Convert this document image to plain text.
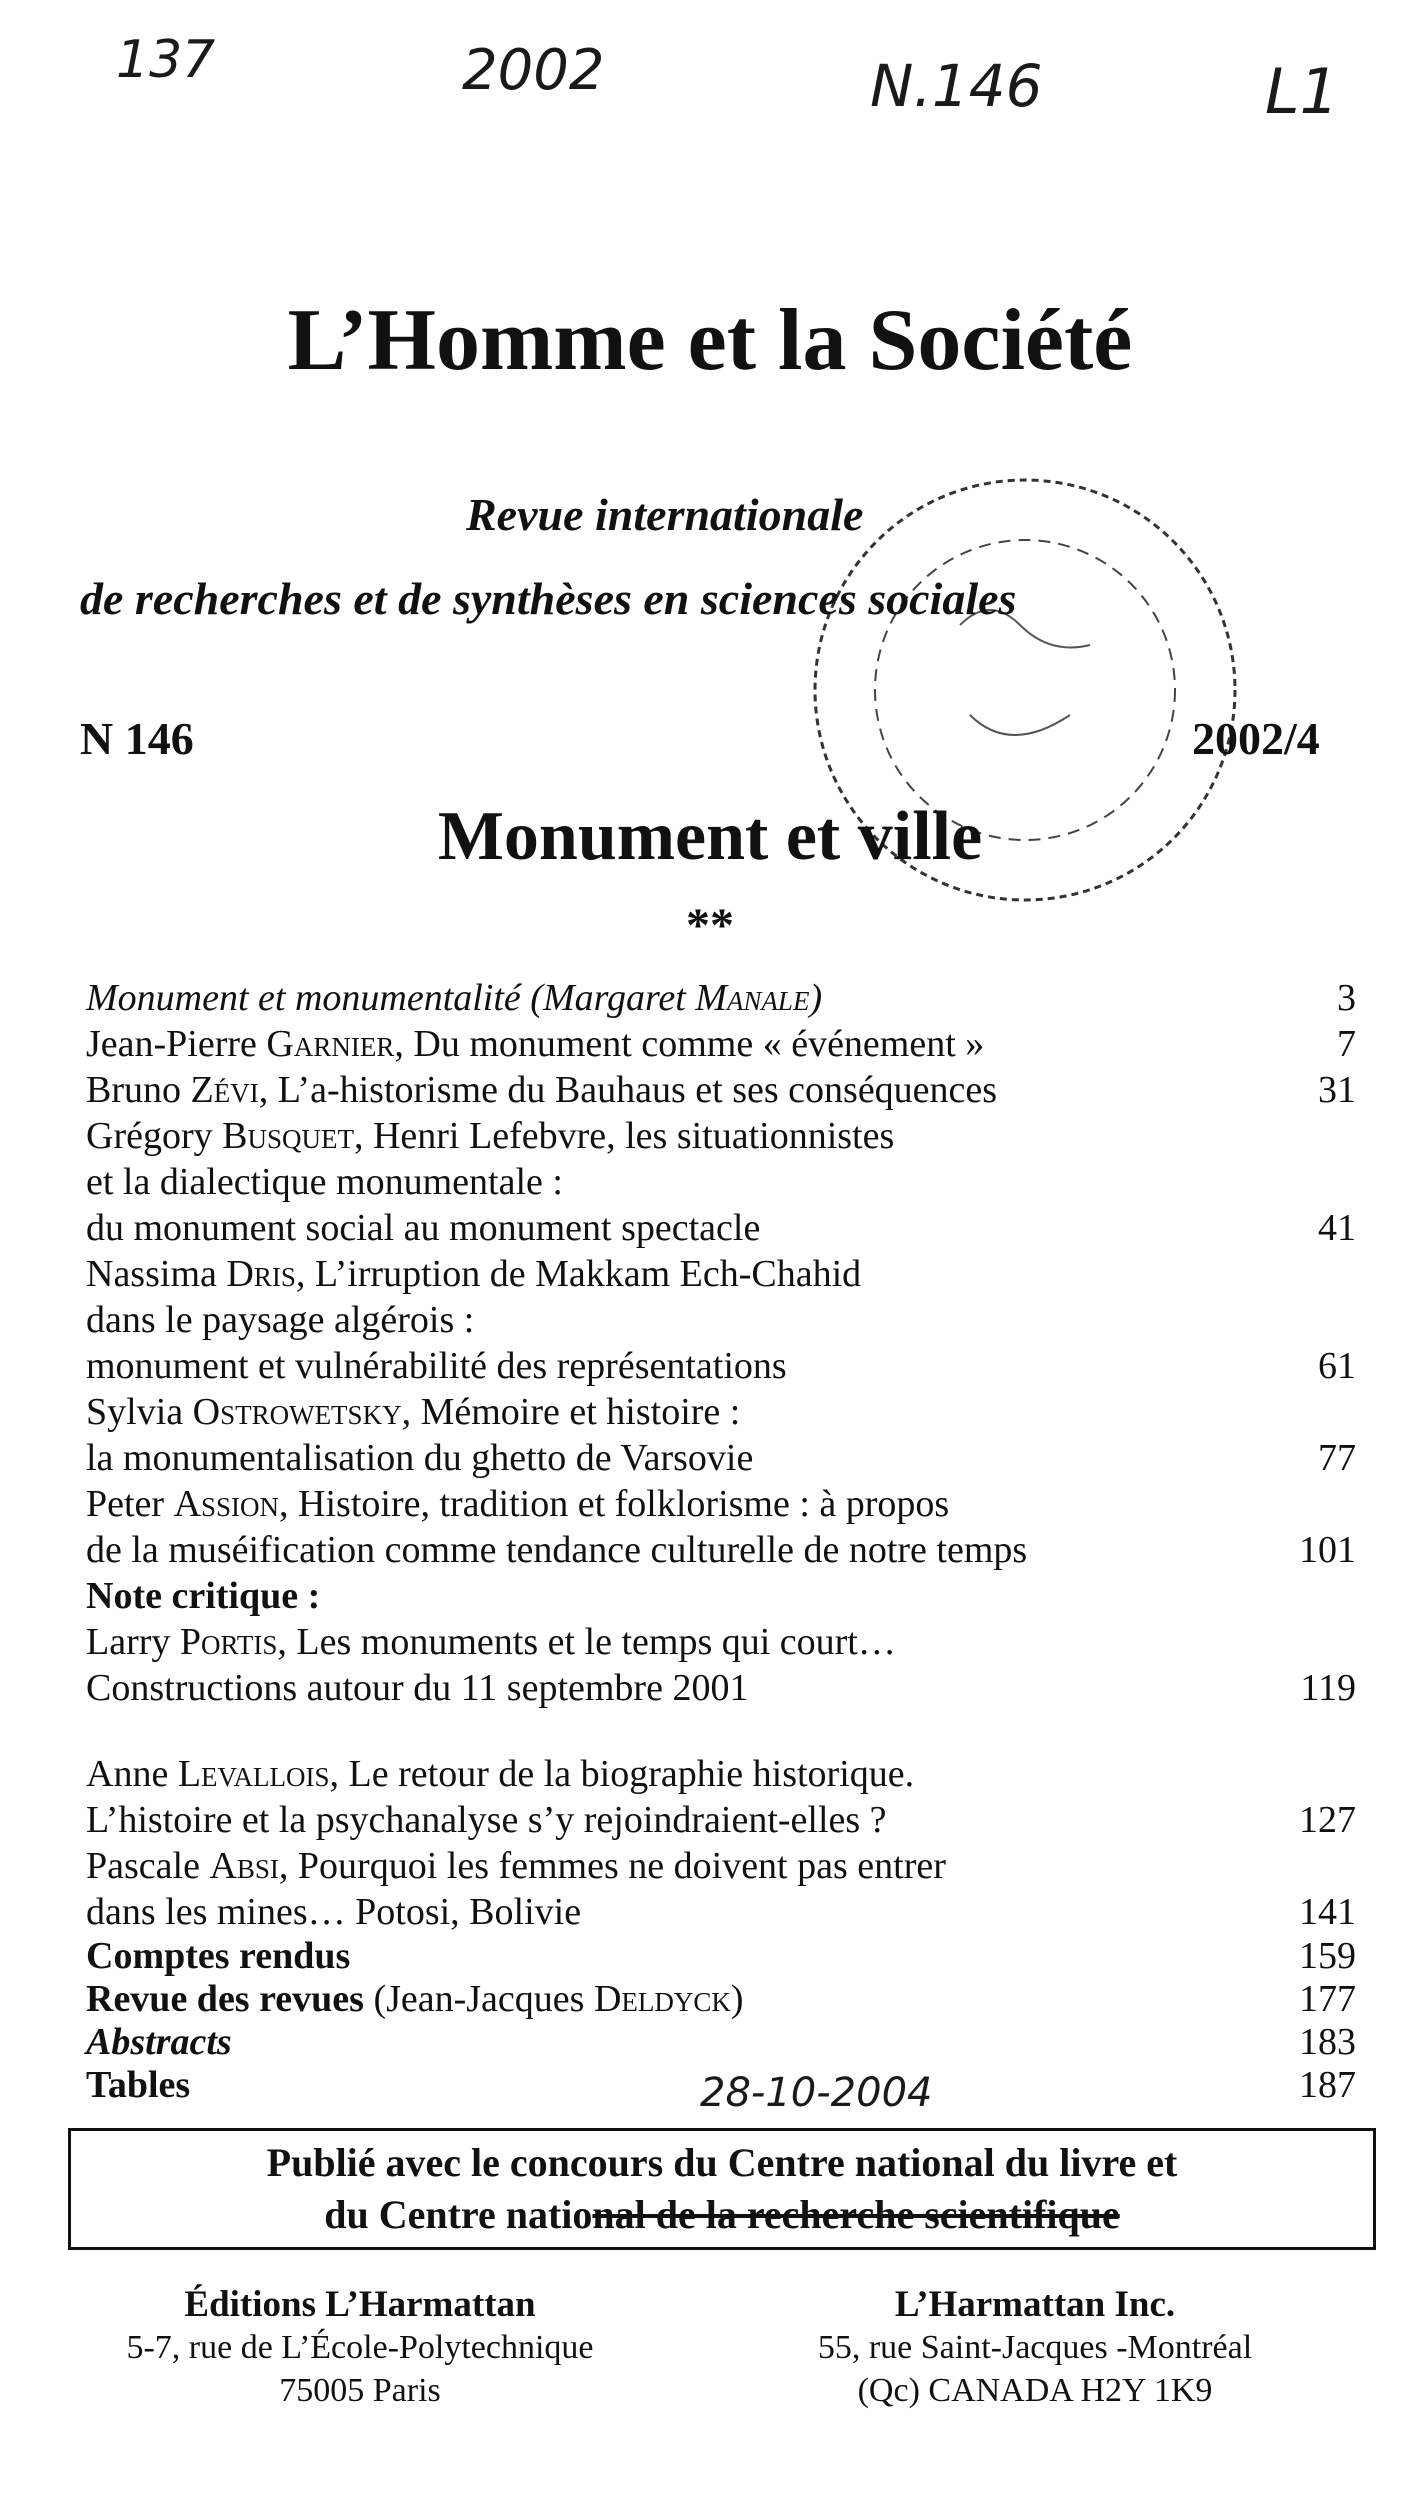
137	2002	N.146	L1
L’Homme et la Société
Revue internationale
de recherches et de synthèses en sciences sociales
N 146	2002/4
Monument et ville
**
Monument et monumentalité (Margaret Manale)	3
Jean-Pierre Garnier, Du monument comme « événement »	7
Bruno Zévi, L’a-historisme du Bauhaus et ses conséquences	31
Grégory Busquet, Henri Lefebvre, les situationnistes
et la dialectique monumentale :
du monument social au monument spectacle	41
Nassima Dris, L’irruption de Makkam Ech-Chahid
dans le paysage algérois :
monument et vulnérabilité des représentations	61
Sylvia Ostrowetsky, Mémoire et histoire :
la monumentalisation du ghetto de Varsovie	77
Peter Assion, Histoire, tradition et folklorisme : à propos
de la muséification comme tendance culturelle de notre temps	101
Note critique :
Larry Portis, Les monuments et le temps qui court…
Constructions autour du 11 septembre 2001	119
Anne Levallois, Le retour de la biographie historique.
L’histoire et la psychanalyse s’y rejoindraient-elles ?	127
Pascale Absi, Pourquoi les femmes ne doivent pas entrer
dans les mines… Potosi, Bolivie	141
Comptes rendus	159
Revue des revues (Jean-Jacques Deldyck)	177
Abstracts	183
Tables	187
28-10-2004
Publié avec le concours du Centre national du livre et
du Centre national de la recherche scientifique
Éditions L’Harmattan
5-7, rue de L’École-Polytechnique
75005 Paris
L’Harmattan Inc.
55, rue Saint-Jacques -Montréal
(Qc) CANADA H2Y 1K9
